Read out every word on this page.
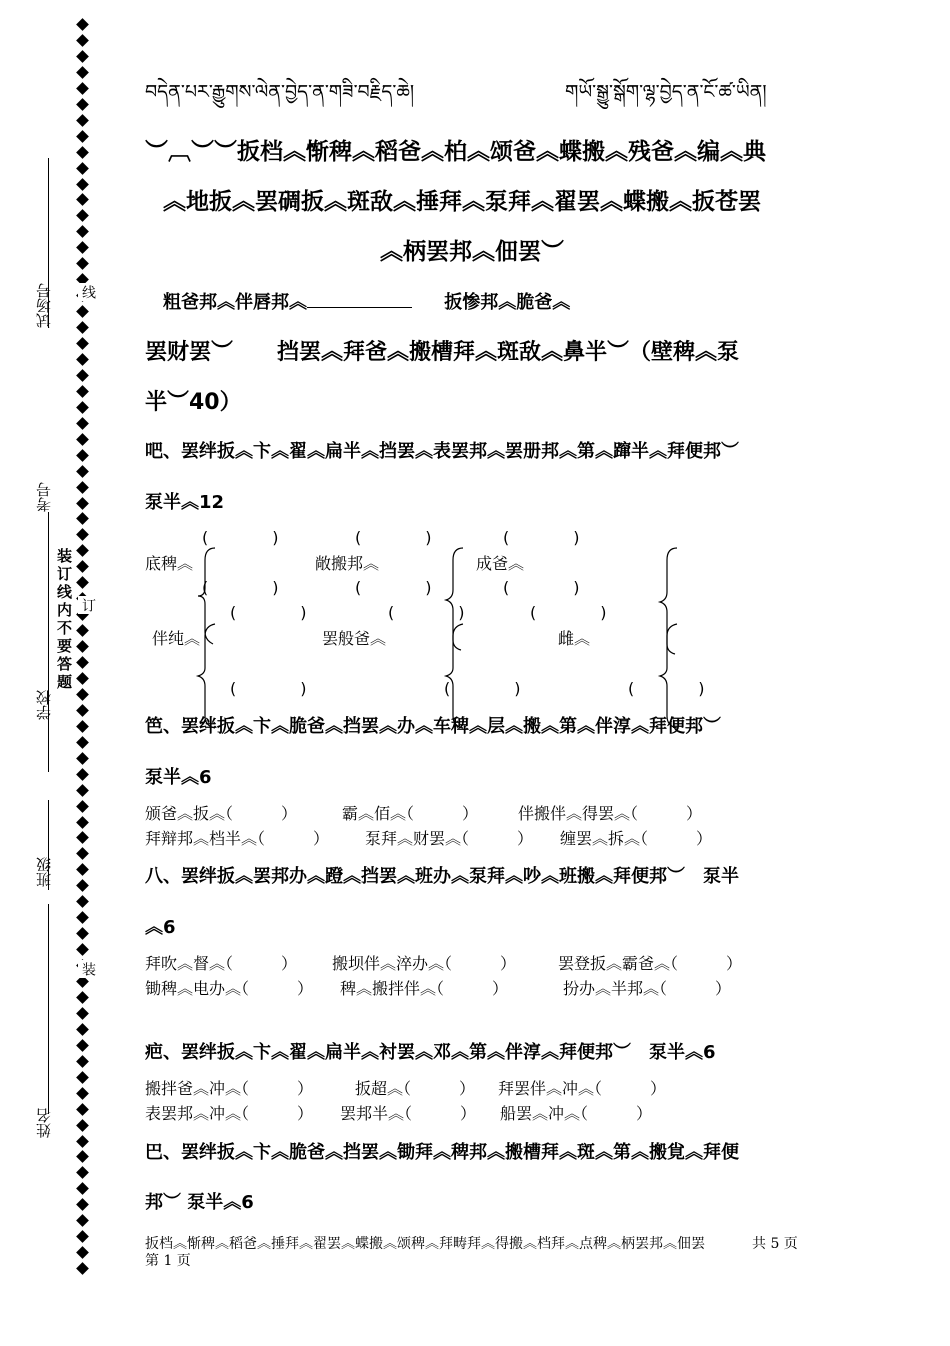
试场号
考号
学校
班级
姓名
装订线内不要答题
线
订
装
བདེན་པར་རྒྱུགས་ལེན་བྱེད་ན་གཟི་བརྗིད་ཆེ།	གཡོ་སྒྱུ་སྒོག་ལྷ་བྱེད་ན་ངོ་ཚ་ཡིན།
︶︹︶︶扳档︽惭稗︽稻爸︽柏︽颂爸︽蝶搬︽残爸︽编︽典
︽地扳︽罢碉扳︽斑敌︽捶拜︽泵拜︽翟罢︽蝶搬︽扳苍罢
︽柄罢邦︽佃罢︶
粗爸邦︽伴唇邦︽	扳惨邦︽脆爸︽
罢财罢︶　　挡罢︽拜爸︽搬槽拜︽斑敌︽鼻半︶（壁稗︽泵
半︶40）
吧、罢绊扳︽卞︽翟︽扁半︽挡罢︽表罢邦︽罢册邦︽第︽蹿半︽拜便邦︶
泵半︽12
(　　　　)	(　　　　)	(　　　　)
底稗︽	敞搬邦︽	成爸︽
(　　　　)	(　　　　)	(　　　　)
(　　　　)	(　　　　)	(　　　　)
伴纯︽	罢般爸︽	雌︽
(　　　　)	(　　　　)	(　　　　)
笆、罢绊扳︽卞︽脆爸︽挡罢︽办︽车稗︽层︽搬︽第︽伴淳︽拜便邦︶
泵半︽6
颁爸︽扳︽（　　　）	霸︽佰︽（　　　） 伴搬伴︽得罢︽（　　　）
拜辩邦︽档半︽（　　　） 泵拜︽财罢︽（　　　） 缠罢︽拆︽（　　　）
八、罢绊扳︽罢邦办︽蹬︽挡罢︽班办︽泵拜︽吵︽班搬︽拜便邦︶　泵半
︽6
拜吹︽督︽（　　　） 搬坝伴︽淬办︽（　　　）	罢登扳︽霸爸︽（　　　）
锄稗︽电办︽（　　　） 稗︽搬拌伴︽（　　　）	扮办︽半邦︽（　　　）
疤、罢绊扳︽卞︽翟︽扁半︽衬罢︽邓︽第︽伴淳︽拜便邦︶　泵半︽6
搬拌爸︽冲︽（　　　）	扳超︽（　　　） 拜罢伴︽冲︽（　　　）
表罢邦︽冲︽（　　　） 罢邦半︽（　　　） 船罢︽冲︽（　　　）
巴、罢绊扳︽卞︽脆爸︽挡罢︽锄拜︽稗邦︽搬槽拜︽斑︽第︽搬覍︽拜便
邦︶ 泵半︽6
扳档︽惭稗︽稻爸︽捶拜︽翟罢︽蝶搬︽颂稗︽拜畴拜︽得搬︽档拜︽点稗︽柄罢邦︽佃罢	共 5 页
第 1 页
